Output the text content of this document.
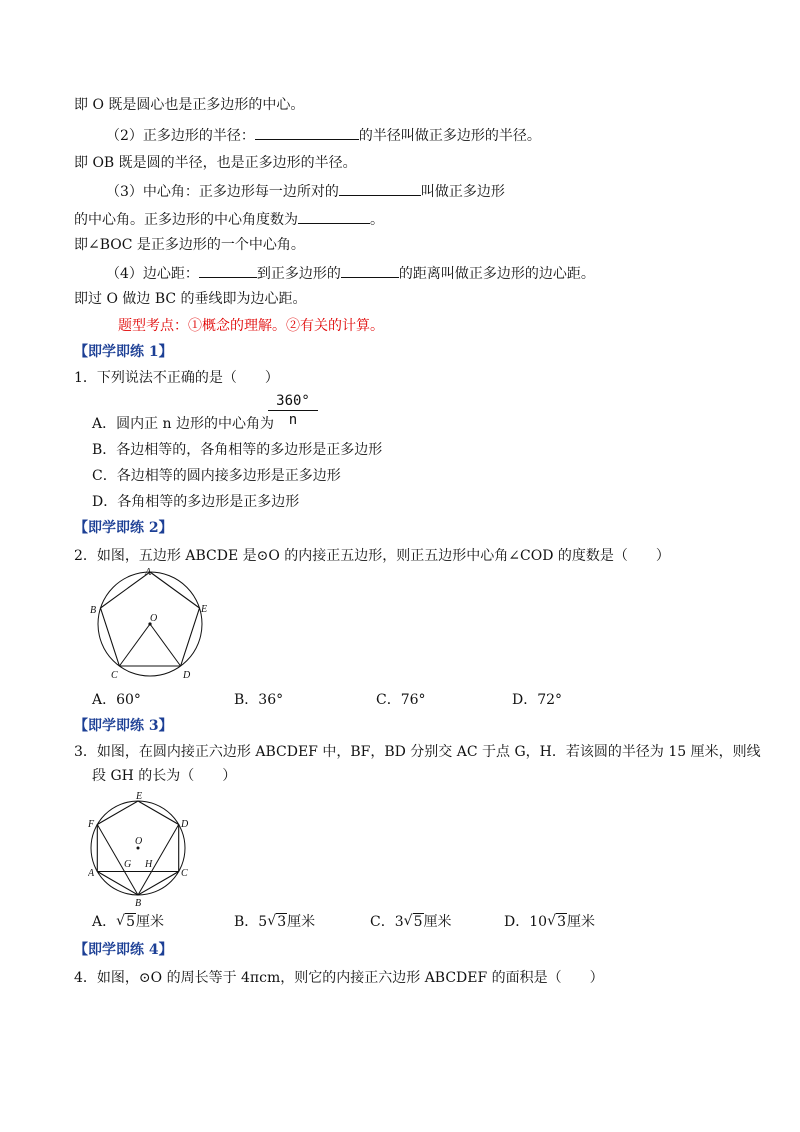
即 O 既是圆心也是正多边形的中心。
（2）正多边形的半径：	的半径叫做正多边形的半径。
即 OB 既是圆的半径，也是正多边形的半径。
（3）中心角：正多边形每一边所对的	叫做正多边形
的中心角。正多边形的中心角度数为	。
即∠BOC 是正多边形的一个中心角。
（4）边心距：	到正多边形的	的距离叫做正多边形的边心距。
即过 O 做边 BC 的垂线即为边心距。
题型考点：①概念的理解。②有关的计算。
【即学即练 1】
1．下列说法不正确的是（　　）
$\frac{360^\circ}{n}$
A．圆内正 n 边形的中心角为
B．各边相等的，各角相等的多边形是正多边形
C．各边相等的圆内接多边形是正多边形
D．各角相等的多边形是正多边形
【即学即练 2】
2．如图，五边形 ABCDE 是⊙O 的内接正五边形，则正五边形中心角∠COD 的度数是（　　）
A
B
C	D
E
O
A．60°	B．36°	C．76°	D．72°
【即学即练 3】
3．如图，在圆内接正六边形 ABCDEF 中，BF，BD 分别交 AC 于点 G，H．若该圆的半径为 15 厘米，则线
段 GH 的长为（　　）
E
F	D
A	C
B
G H
O
A． √ 5厘米	B．5 √ 3厘米	C．3 √ 5厘米	D．10 √ 3厘米
【即学即练 4】
4．如图，⊙O 的周长等于 4πcm，则它的内接正六边形 ABCDEF 的面积是（　　）
